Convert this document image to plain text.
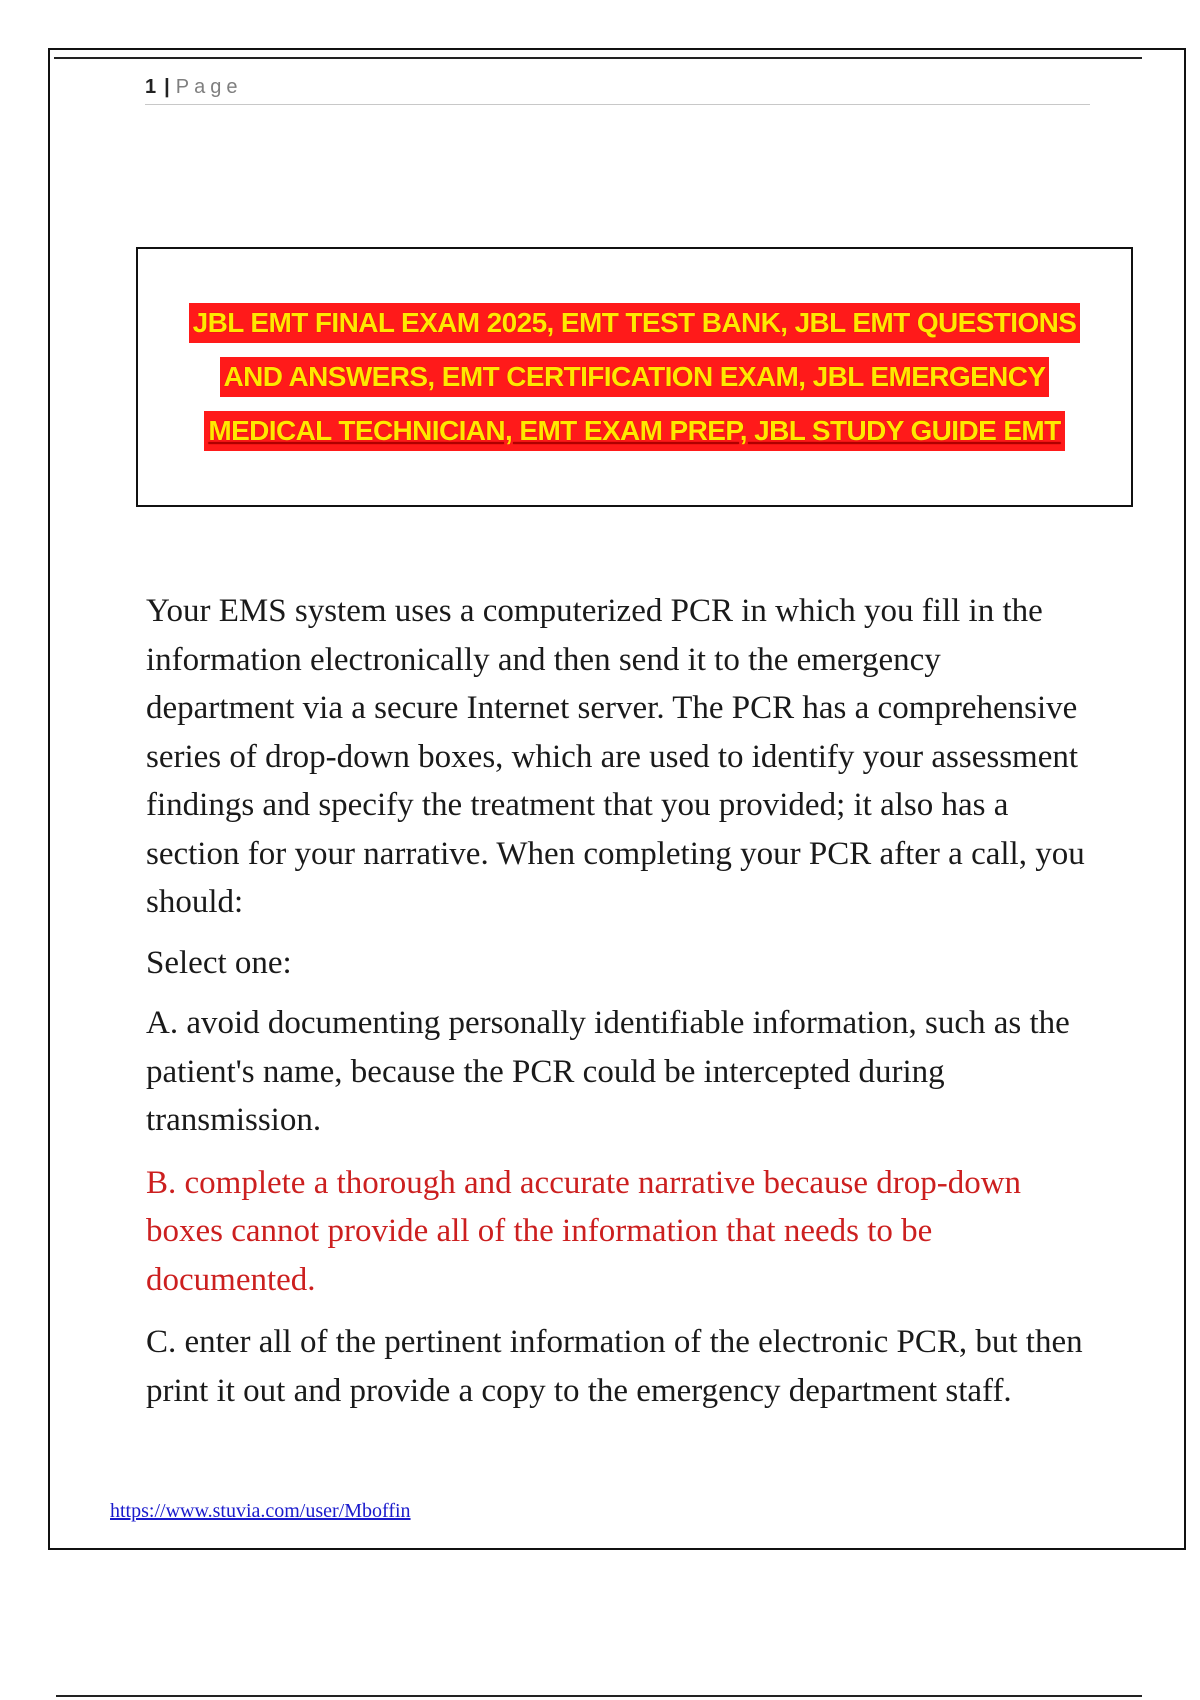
1 | Page
JBL EMT FINAL EXAM 2025, EMT TEST BANK, JBL EMT QUESTIONS
AND ANSWERS, EMT CERTIFICATION EXAM, JBL EMERGENCY
MEDICAL TECHNICIAN, EMT EXAM PREP, JBL STUDY GUIDE EMT

Your EMS system uses a computerized PCR in which you fill in the information electronically and then send it to the emergency department via a secure Internet server. The PCR has a comprehensive series of drop-down boxes, which are used to identify your assessment findings and specify the treatment that you provided; it also has a section for your narrative. When completing your PCR after a call, you should:

Select one:

A. avoid documenting personally identifiable information, such as the patient's name, because the PCR could be intercepted during transmission.

B. complete a thorough and accurate narrative because drop-down boxes cannot provide all of the information that needs to be documented.

C. enter all of the pertinent information of the electronic PCR, but then print it out and provide a copy to the emergency department staff.

https://www.stuvia.com/user/Mboffin
